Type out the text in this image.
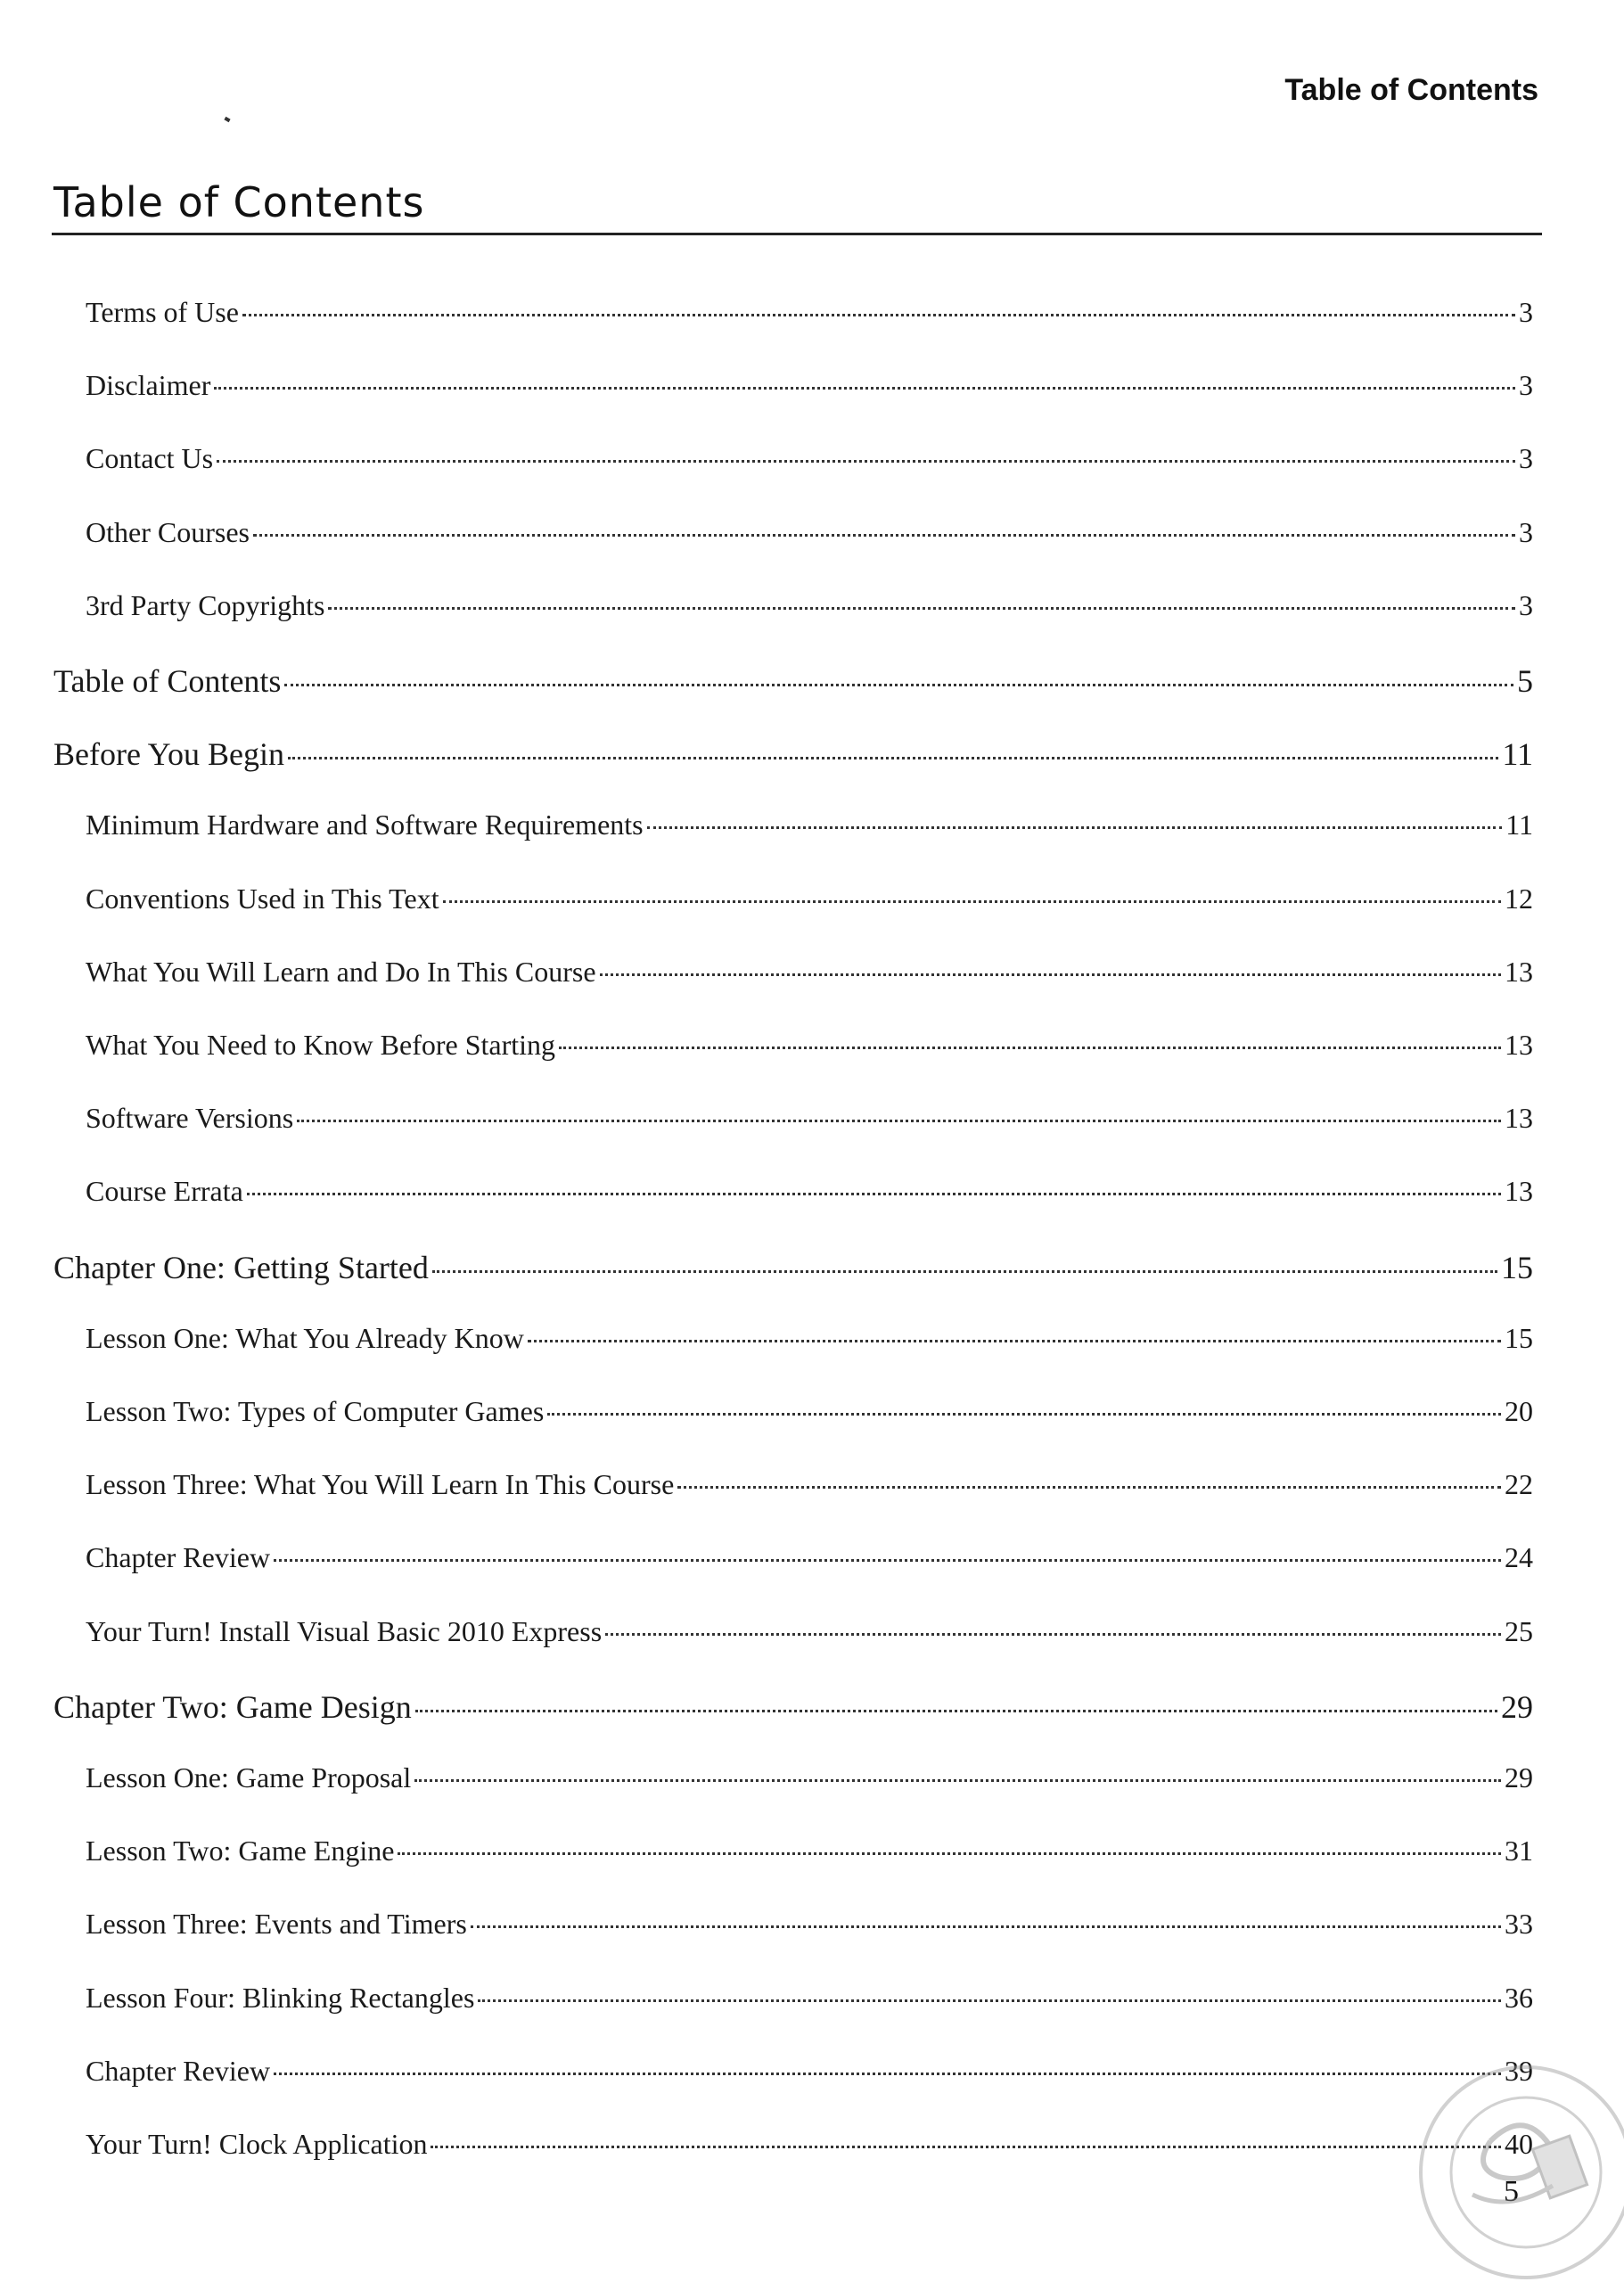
Table of Contents
Table of Contents
Terms of Use	3
Disclaimer	3
Contact Us	3
Other Courses	3
3rd Party Copyrights	3
Table of Contents	5
Before You Begin	11
Minimum Hardware and Software Requirements	11
Conventions Used in This Text	12
What You Will Learn and Do In This Course	13
What You Need to Know Before Starting	13
Software Versions	13
Course Errata	13
Chapter One: Getting Started	15
Lesson One: What You Already Know	15
Lesson Two: Types of Computer Games	20
Lesson Three: What You Will Learn In This Course	22
Chapter Review	24
Your Turn! Install Visual Basic 2010 Express	25
Chapter Two: Game Design	29
Lesson One: Game Proposal	29
Lesson Two: Game Engine	31
Lesson Three: Events and Timers	33
Lesson Four: Blinking Rectangles	36
Chapter Review	39
Your Turn! Clock Application	40
5
